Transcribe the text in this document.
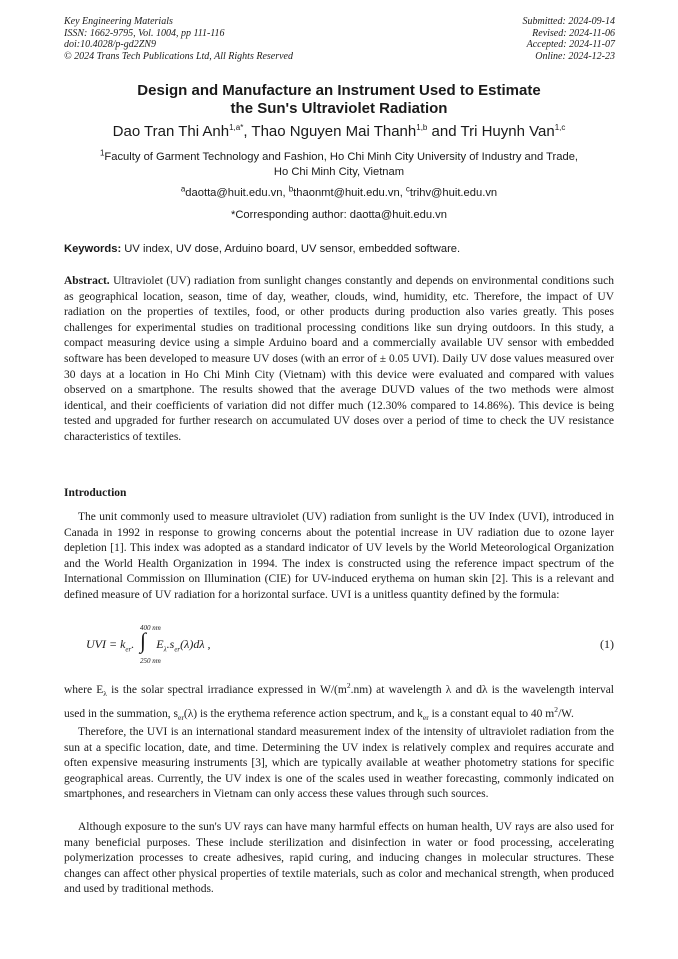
Key Engineering Materials
ISSN: 1662-9795, Vol. 1004, pp 111-116
doi:10.4028/p-gd2ZN9
© 2024 Trans Tech Publications Ltd, All Rights Reserved
Submitted: 2024-09-14
Revised: 2024-11-06
Accepted: 2024-11-07
Online: 2024-12-23
Design and Manufacture an Instrument Used to Estimate
the Sun's Ultraviolet Radiation
Dao Tran Thi Anh$^{1,a*}$, Thao Nguyen Mai Thanh$^{1,b}$ and Tri Huynh Van$^{1,c}$
$^1$Faculty of Garment Technology and Fashion, Ho Chi Minh City University of Industry and Trade,
Ho Chi Minh City, Vietnam
$^a$daotta@huit.edu.vn, $^b$thaonmt@huit.edu.vn, $^c$trihv@huit.edu.vn
*Corresponding author: daotta@huit.edu.vn
Keywords: UV index, UV dose, Arduino board, UV sensor, embedded software.
Abstract. Ultraviolet (UV) radiation from sunlight changes constantly and depends on environmental conditions such as geographical location, season, time of day, weather, clouds, wind, humidity, etc. Therefore, the impact of UV radiation on the properties of textiles, food, or other products during production also varies greatly. This poses challenges for experimental studies on traditional processing conditions like sun drying outdoors. In this study, a compact measuring device using a simple Arduino board and a commercially available UV sensor with embedded software has been developed to measure UV doses (with an error of ± 0.05 UVI). Daily UV dose values measured over 30 days at a location in Ho Chi Minh City (Vietnam) with this device were evaluated and compared with values observed on a smartphone. The results showed that the average DUVD values of the two methods were almost identical, and their coefficients of variation did not differ much (12.30% compared to 14.86%). This device is being tested and upgraded for further research on accumulated UV doses over a period of time to check the UV resistance characteristics of textiles.
Introduction

The unit commonly used to measure ultraviolet (UV) radiation from sunlight is the UV Index (UVI), introduced in Canada in 1992 in response to growing concerns about the potential increase in UV radiation due to ozone layer depletion [1]. This index was adopted as a standard indicator of UV levels by the World Meteorological Organization and the World Health Organization in 1994. The index is constructed using the reference impact spectrum of the International Commission on Illumination (CIE) for UV-induced erythema on human skin [2]. This is a relevant and defined measure of UV radiation for a horizontal surface. UVI is a unitless quantity defined by the formula:

400 nm
∫
250 nm
UVI = $k_{er}$. $E_\lambda.s_{er}(\lambda)d\lambda$ ,	(1)

where $E_\lambda$ is the solar spectral irradiance expressed in $W/(m^2.nm)$ at wavelength λ and dλ is the wavelength interval used in the summation, $s_{er}(\lambda)$ is the erythema reference action spectrum, and $k_{er}$ is a constant equal to 40 $m^2/W$.

Therefore, the UVI is an international standard measurement index of the intensity of ultraviolet radiation from the sun at a specific location, date, and time. Determining the UV index is relatively complex and requires accurate and often expensive measuring instruments [3], which are typically available at weather photometry stations for specific geographical areas. Currently, the UV index is one of the scales used in weather forecasting, commonly indicated on smartphones, and researchers in Vietnam can only access these values through such sources.

Although exposure to the sun's UV rays can have many harmful effects on human health, UV rays are also used for many beneficial purposes. These include sterilization and disinfection in water or food processing, accelerating polymerization processes to create adhesives, rapid curing, and inducing changes in molecular structures. These changes can affect other physical properties of textile materials, such as color and mechanical strength, when produced and used by traditional methods.
